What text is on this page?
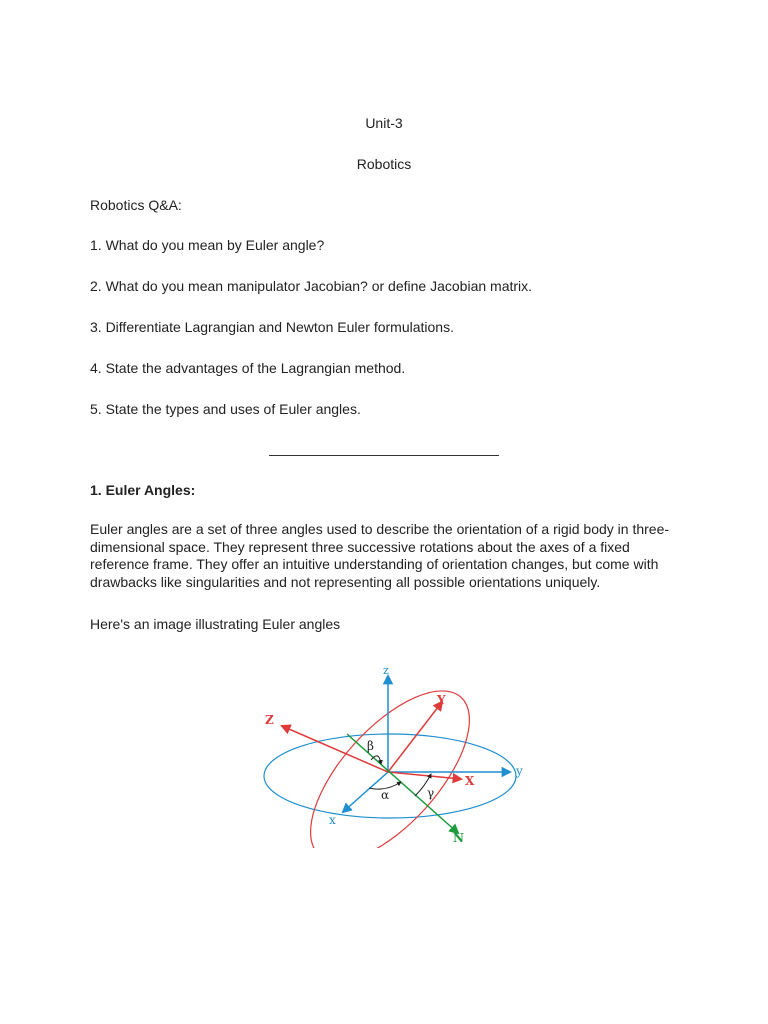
Unit-3
Robotics
Robotics Q&A:
1. What do you mean by Euler angle?
2. What do you mean manipulator Jacobian? or define Jacobian matrix.
3. Differentiate Lagrangian and Newton Euler formulations.
4. State the advantages of the Lagrangian method.
5. State the types and uses of Euler angles.
1. Euler Angles:
Euler angles are a set of three angles used to describe the orientation of a rigid body in three-dimensional space. They represent three successive rotations about the axes of a fixed reference frame. They offer an intuitive understanding of orientation changes, but come with drawbacks like singularities and not representing all possible orientations uniquely.
Here's an image illustrating Euler angles
z
y
x
Z
Y
X
N
β
α	γ
